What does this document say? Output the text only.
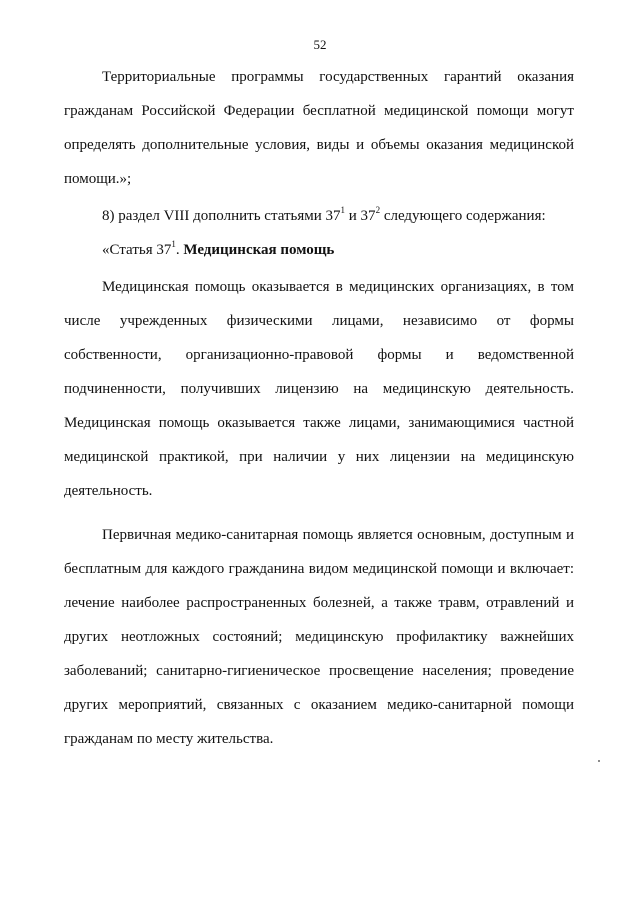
52

Территориальные программы государственных гарантий оказания гражданам Российской Федерации бесплатной медицинской помощи могут определять дополнительные условия, виды и объемы оказания медицинской помощи.»;

8) раздел VIII дополнить статьями $37^1$ и $37^2$ следующего содержания:

«Статья $37^1$. Медицинская помощь

Медицинская помощь оказывается в медицинских организациях, в том числе учрежденных физическими лицами, независимо от формы собственности, организационно-правовой формы и ведомственной подчиненности, получивших лицензию на медицинскую деятельность. Медицинская помощь оказывается также лицами, занимающимися частной медицинской практикой, при наличии у них лицензии на медицинскую деятельность.

Первичная медико-санитарная помощь является основным, доступным и бесплатным для каждого гражданина видом медицинской помощи и включает: лечение наиболее распространенных болезней, а также травм, отравлений и других неотложных состояний; медицинскую профилактику важнейших заболеваний; санитарно-гигиеническое просвещение населения; проведение других мероприятий, связанных с оказанием медико-санитарной помощи гражданам по месту жительства.
